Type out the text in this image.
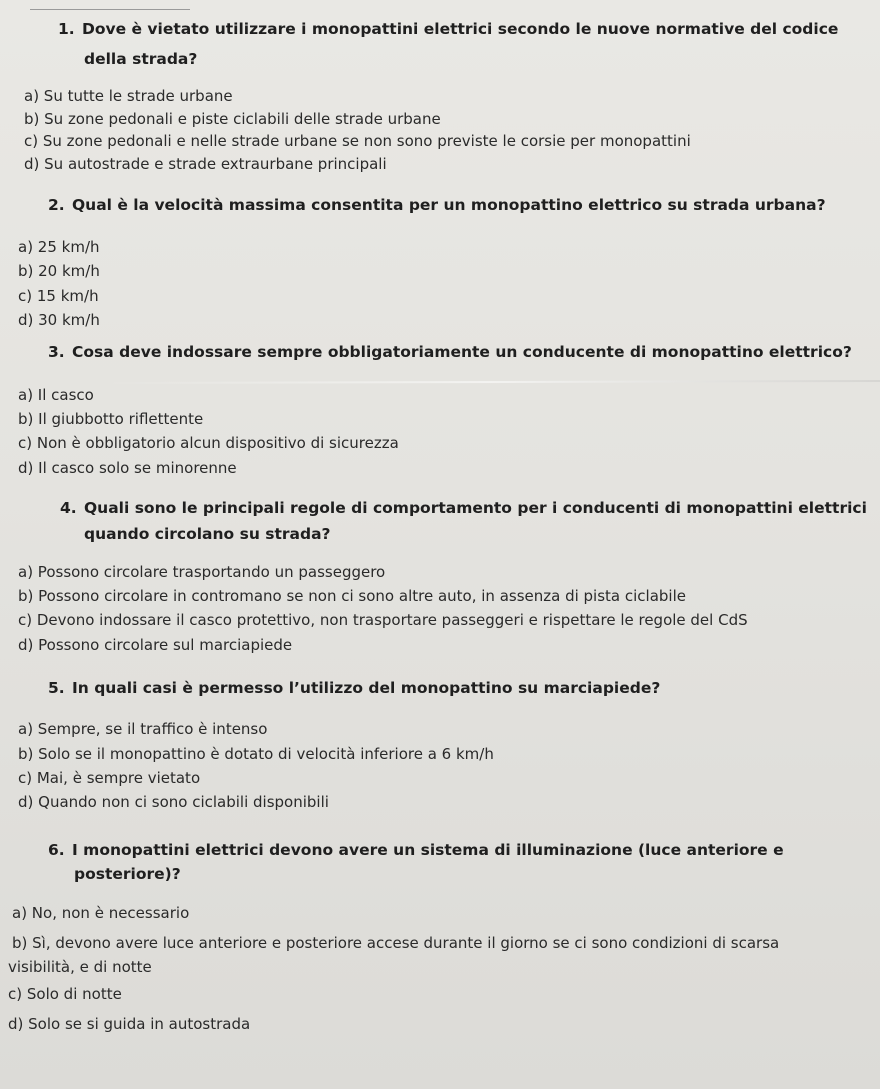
1. Dove è vietato utilizzare i monopattini elettrici secondo le nuove normative del codice

della strada?

a) Su tutte le strade urbane

b) Su zone pedonali e piste ciclabili delle strade urbane

c) Su zone pedonali e nelle strade urbane se non sono previste le corsie per monopattini

d) Su autostrade e strade extraurbane principali

2. Qual è la velocità massima consentita per un monopattino elettrico su strada urbana?

a) 25 km/h

b) 20 km/h

c) 15 km/h

d) 30 km/h

3. Cosa deve indossare sempre obbligatoriamente un conducente di monopattino elettrico?

a) Il casco

b) Il giubbotto riflettente

c) Non è obbligatorio alcun dispositivo di sicurezza

d) Il casco solo se minorenne

4. Quali sono le principali regole di comportamento per i conducenti di monopattini elettrici

quando circolano su strada?

a) Possono circolare trasportando un passeggero

b) Possono circolare in contromano se non ci sono altre auto, in assenza di pista ciclabile

c) Devono indossare il casco protettivo, non trasportare passeggeri e rispettare le regole del CdS

d) Possono circolare sul marciapiede

5. In quali casi è permesso l’utilizzo del monopattino su marciapiede?

a) Sempre, se il traffico è intenso

b) Solo se il monopattino è dotato di velocità inferiore a 6 km/h

c) Mai, è sempre vietato

d) Quando non ci sono ciclabili disponibili

6. I monopattini elettrici devono avere un sistema di illuminazione (luce anteriore e

posteriore)?

a) No, non è necessario

b) Sì, devono avere luce anteriore e posteriore accese durante il giorno se ci sono condizioni di scarsa

visibilità, e di notte

c) Solo di notte

d) Solo se si guida in autostrada
